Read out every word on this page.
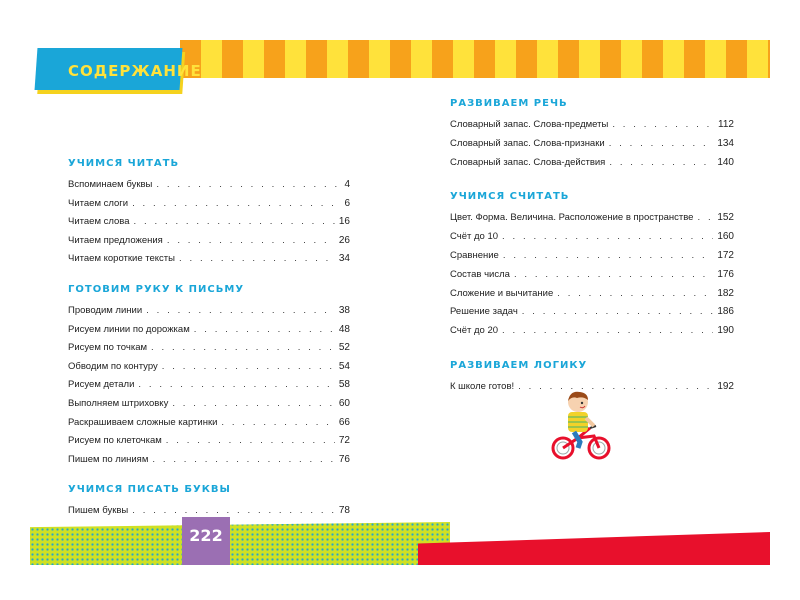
СОДЕРЖАНИЕ
УЧИМСЯ ЧИТАТЬ
Вспоминаем буквы . . .	4
Читаем слоги . . .	6
Читаем слова . . .	16
Читаем предложения . . .	26
Читаем короткие тексты . . .	34
ГОТОВИМ РУКУ К ПИСЬМУ
Проводим линии . . .	38
Рисуем линии по дорожкам . . .	48
Рисуем по точкам . . .	52
Обводим по контуру . . .	54
Рисуем детали . . .	58
Выполняем штриховку . . .	60
Раскрашиваем сложные картинки . . .	66
Рисуем по клеточкам . . .	72
Пишем по линиям . . .	76
УЧИМСЯ ПИСАТЬ БУКВЫ
Пишем буквы . . .	78
РАЗВИВАЕМ РЕЧЬ
Словарный запас. Слова-предметы . . .	112
Словарный запас. Слова-признаки . . .	134
Словарный запас. Слова-действия . . .	140
УЧИМСЯ СЧИТАТЬ
Цвет. Форма. Величина. Расположение в пространстве . . . 152
Счёт до 10 . . .	160
Сравнение . . .	172
Состав числа . . .	176
Сложение и вычитание . . .	182
Решение задач . . .	186
Счёт до 20 . . .	190
РАЗВИВАЕМ ЛОГИКУ
К школе готов! . . .	192
222
